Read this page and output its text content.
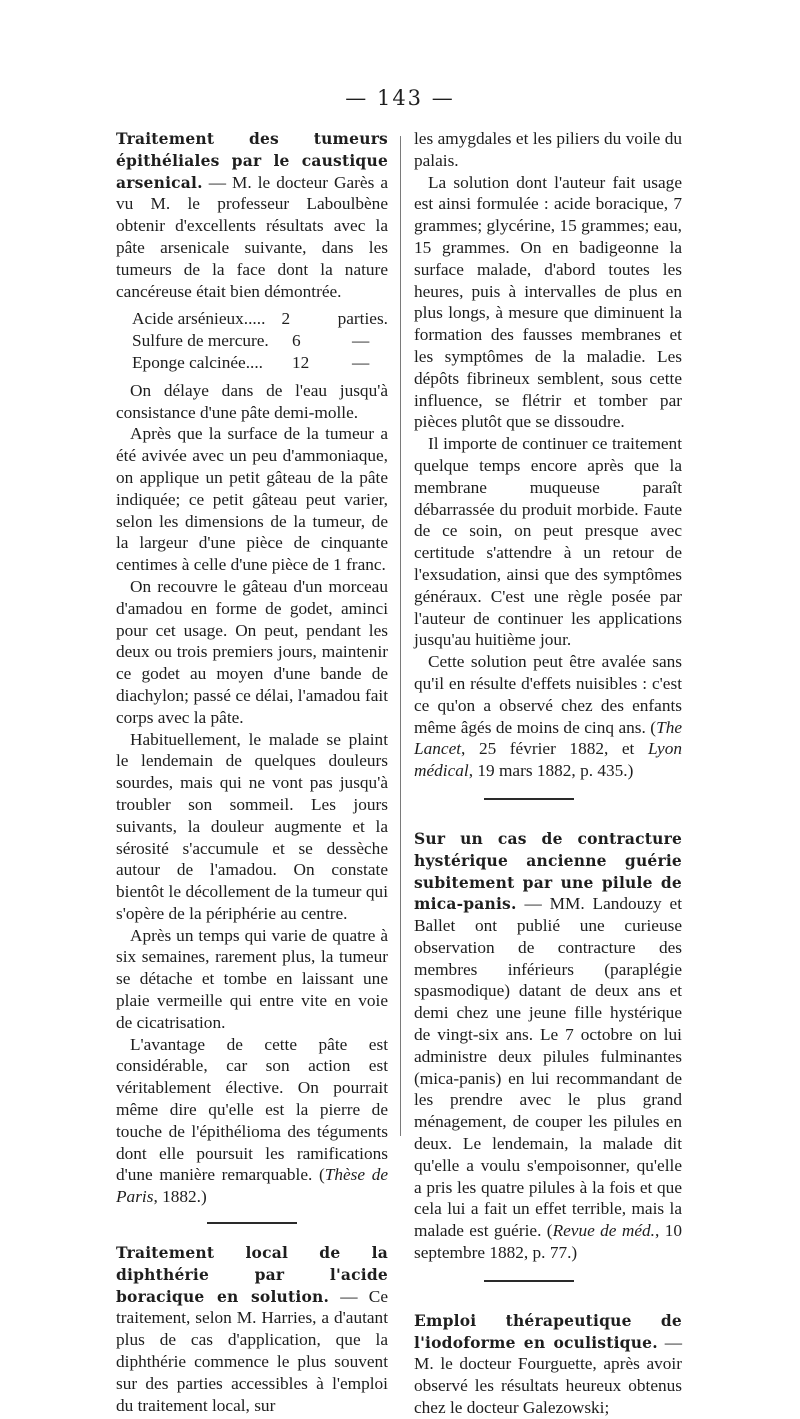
— 143 —

Traitement des tumeurs épithéliales par le caustique arsenical. — M. le docteur Garès a vu M. le professeur Laboulbène obtenir d'excellents résultats avec la pâte arsenicale suivante, dans les tumeurs de la face dont la nature cancéreuse était bien démontrée.

Acide arsénieux..... 2	parties.
Sulfure de mercure.	6	—
Eponge calcinée....	12	—

On délaye dans de l'eau jusqu'à consistance d'une pâte demi-molle.

Après que la surface de la tumeur a été avivée avec un peu d'ammoniaque, on applique un petit gâteau de la pâte indiquée; ce petit gâteau peut varier, selon les dimensions de la tumeur, de la largeur d'une pièce de cinquante centimes à celle d'une pièce de 1 franc.

On recouvre le gâteau d'un morceau d'amadou en forme de godet, aminci pour cet usage. On peut, pendant les deux ou trois premiers jours, maintenir ce godet au moyen d'une bande de diachylon; passé ce délai, l'amadou fait corps avec la pâte.

Habituellement, le malade se plaint le lendemain de quelques douleurs sourdes, mais qui ne vont pas jusqu'à troubler son sommeil. Les jours suivants, la douleur augmente et la sérosité s'accumule et se dessèche autour de l'amadou. On constate bientôt le décollement de la tumeur qui s'opère de la périphérie au centre.

Après un temps qui varie de quatre à six semaines, rarement plus, la tumeur se détache et tombe en laissant une plaie vermeille qui entre vite en voie de cicatrisation.

L'avantage de cette pâte est considérable, car son action est véritablement élective. On pourrait même dire qu'elle est la pierre de touche de l'épithélioma des téguments dont elle poursuit les ramifications d'une manière remarquable. (Thèse de Paris, 1882.)

Traitement local de la diphthérie par l'acide boracique en solution. — Ce traitement, selon M. Harries, a d'autant plus de cas d'application, que la diphthérie commence le plus souvent sur des parties accessibles à l'emploi du traitement local, sur

les amygdales et les piliers du voile du palais.

La solution dont l'auteur fait usage est ainsi formulée : acide boracique, 7 grammes; glycérine, 15 grammes; eau, 15 grammes. On en badigeonne la surface malade, d'abord toutes les heures, puis à intervalles de plus en plus longs, à mesure que diminuent la formation des fausses membranes et les symptômes de la maladie. Les dépôts fibrineux semblent, sous cette influence, se flétrir et tomber par pièces plutôt que se dissoudre.

Il importe de continuer ce traitement quelque temps encore après que la membrane muqueuse paraît débarrassée du produit morbide. Faute de ce soin, on peut presque avec certitude s'attendre à un retour de l'exsudation, ainsi que des symptômes généraux. C'est une règle posée par l'auteur de continuer les applications jusqu'au huitième jour.

Cette solution peut être avalée sans qu'il en résulte d'effets nuisibles : c'est ce qu'on a observé chez des enfants même âgés de moins de cinq ans. (The Lancet, 25 février 1882, et Lyon médical, 19 mars 1882, p. 435.)

Sur un cas de contracture hystérique ancienne guérie subitement par une pilule de mica-panis. — MM. Landouzy et Ballet ont publié une curieuse observation de contracture des membres inférieurs (paraplégie spasmodique) datant de deux ans et demi chez une jeune fille hystérique de vingt-six ans. Le 7 octobre on lui administre deux pilules fulminantes (mica-panis) en lui recommandant de les prendre avec le plus grand ménagement, de couper les pilules en deux. Le lendemain, la malade dit qu'elle a voulu s'empoisonner, qu'elle a pris les quatre pilules à la fois et que cela lui a fait un effet terrible, mais la malade est guérie. (Revue de méd., 10 septembre 1882, p. 77.)

Emploi thérapeutique de l'iodoforme en oculistique. — M. le docteur Fourguette, après avoir observé les résultats heureux obtenus chez le docteur Galezowski;
